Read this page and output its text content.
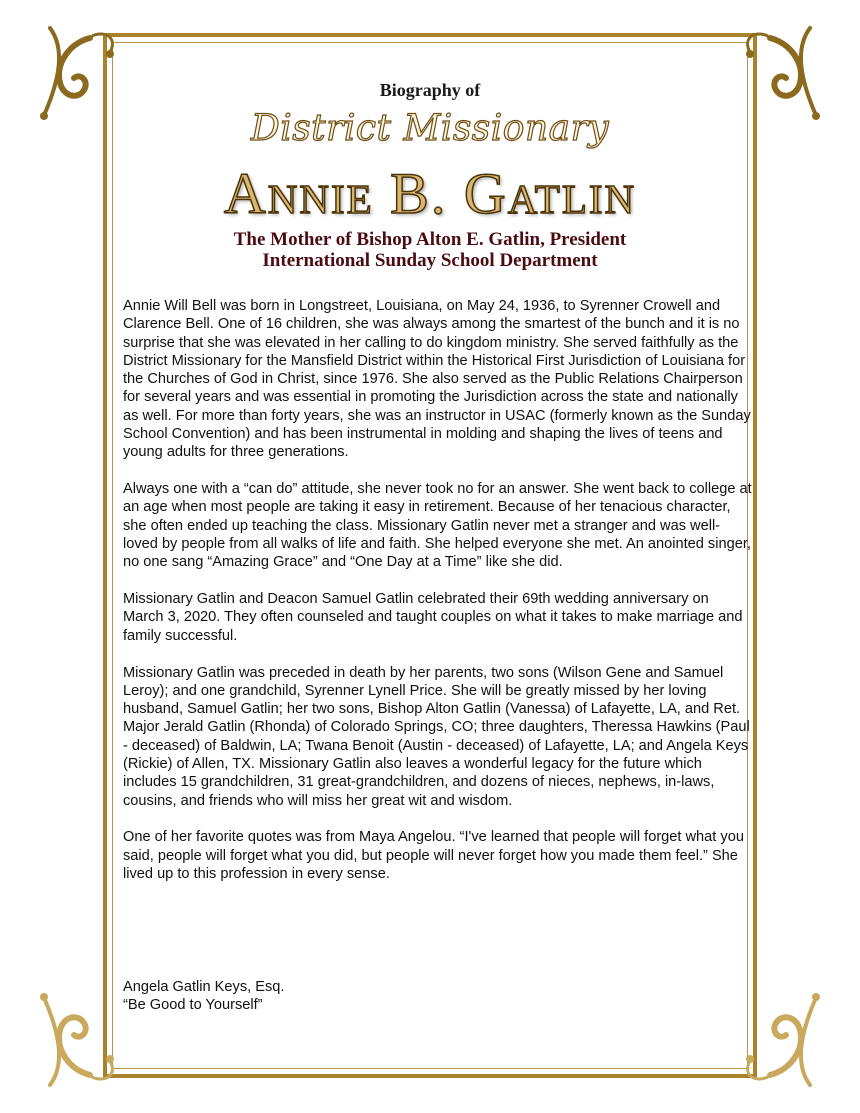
Biography of
District Missionary
Annie B. Gatlin
The Mother of Bishop Alton E. Gatlin, President
International Sunday School Department

Annie Will Bell was born in Longstreet, Louisiana, on May 24, 1936, to Syrenner Crowell and Clarence Bell. One of 16 children, she was always among the smartest of the bunch and it is no surprise that she was elevated in her calling to do kingdom ministry. She served faithfully as the District Missionary for the Mansfield District within the Historical First Jurisdiction of Louisiana for the Churches of God in Christ, since 1976. She also served as the Public Relations Chairperson for several years and was essential in promoting the Jurisdiction across the state and nationally as well. For more than forty years, she was an instructor in USAC (formerly known as the Sunday School Convention) and has been instrumental in molding and shaping the lives of teens and young adults for three generations.

Always one with a “can do” attitude, she never took no for an answer. She went back to college at an age when most people are taking it easy in retirement. Because of her tenacious character, she often ended up teaching the class. Missionary Gatlin never met a stranger and was well-loved by people from all walks of life and faith. She helped everyone she met. An anointed singer, no one sang “Amazing Grace” and “One Day at a Time” like she did.

Missionary Gatlin and Deacon Samuel Gatlin celebrated their 69th wedding anniversary on March 3, 2020. They often counseled and taught couples on what it takes to make marriage and family successful.

Missionary Gatlin was preceded in death by her parents, two sons (Wilson Gene and Samuel Leroy); and one grandchild, Syrenner Lynell Price. She will be greatly missed by her loving husband, Samuel Gatlin; her two sons, Bishop Alton Gatlin (Vanessa) of Lafayette, LA, and Ret. Major Jerald Gatlin (Rhonda) of Colorado Springs, CO; three daughters, Theressa Hawkins (Paul - deceased) of Baldwin, LA; Twana Benoit (Austin - deceased) of Lafayette, LA; and Angela Keys (Rickie) of Allen, TX. Missionary Gatlin also leaves a wonderful legacy for the future which includes 15 grandchildren, 31 great-grandchildren, and dozens of nieces, nephews, in-laws, cousins, and friends who will miss her great wit and wisdom.

One of her favorite quotes was from Maya Angelou. “I've learned that people will forget what you said, people will forget what you did, but people will never forget how you made them feel.” She lived up to this profession in every sense.

Angela Gatlin Keys, Esq.
“Be Good to Yourself”
